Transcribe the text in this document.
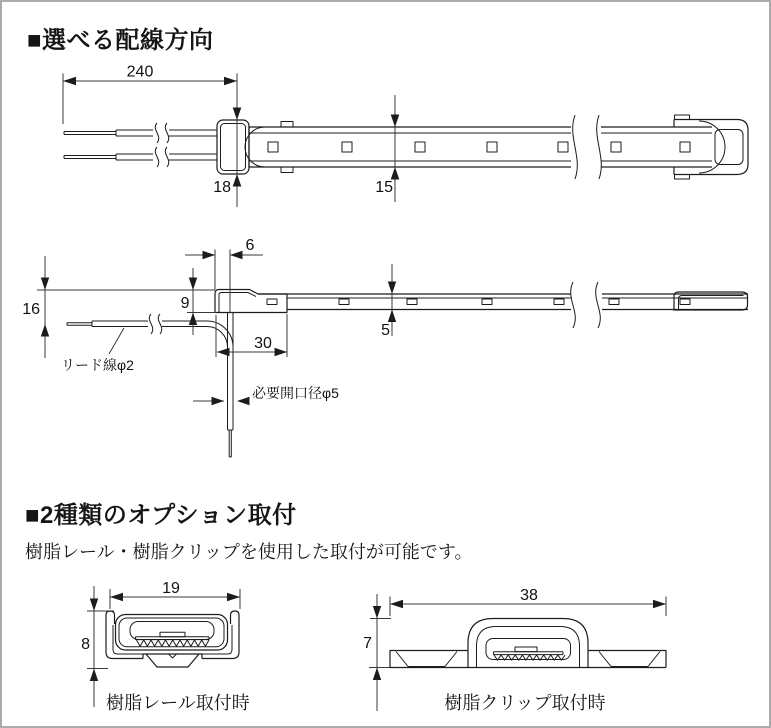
■選べる配線方向
■2種類のオプション取付
樹脂レール・樹脂クリップを使用した取付が可能です。
樹脂レール取付時	樹脂クリップ取付時
240
18	15
6
9
16
5
30
必要開口径φ5
リード線φ2
19
8
38
7
